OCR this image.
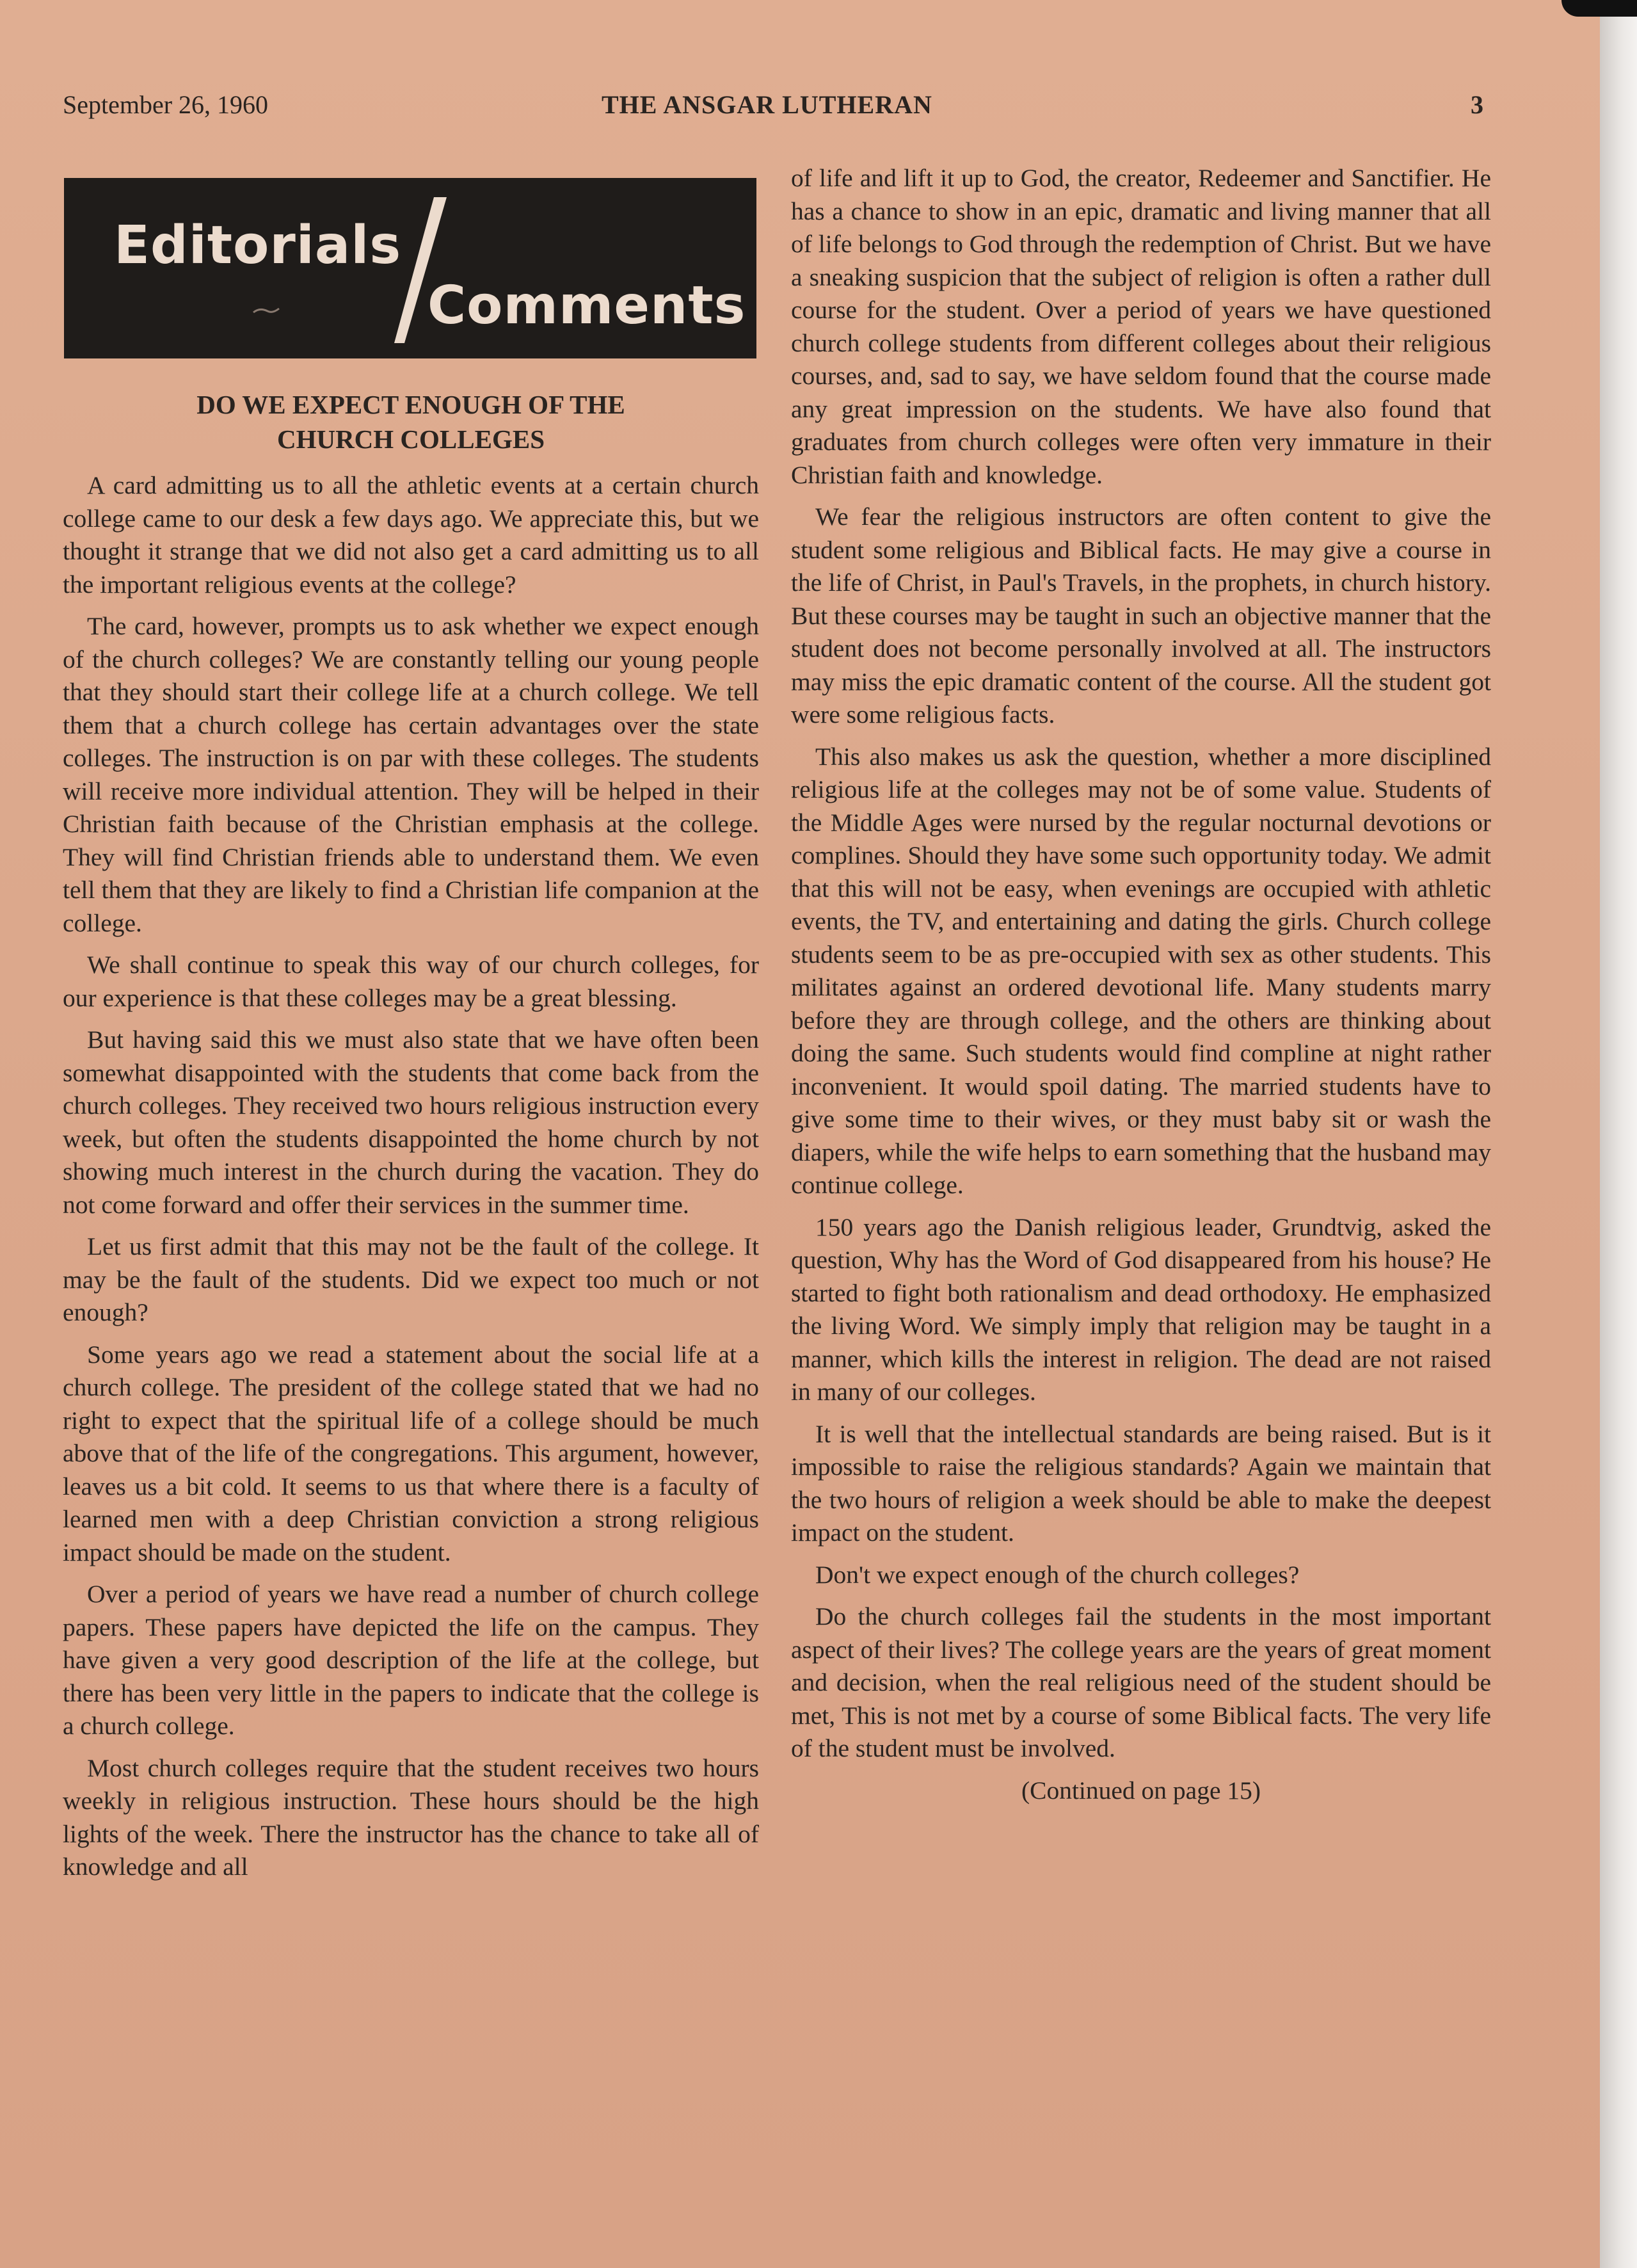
September 26, 1960	THE ANSGAR LUTHERAN	3
Editorials
Comments
DO WE EXPECT ENOUGH OF THE
CHURCH COLLEGES

A card admitting us to all the athletic events at a certain church college came to our desk a few days ago. We appreciate this, but we thought it strange that we did not also get a card admitting us to all the important religious events at the college?

The card, however, prompts us to ask whether we expect enough of the church colleges? We are constantly telling our young people that they should start their college life at a church college. We tell them that a church college has certain advantages over the state colleges. The instruction is on par with these colleges. The students will receive more individual attention. They will be helped in their Christian faith because of the Christian emphasis at the college. They will find Christian friends able to understand them. We even tell them that they are likely to find a Christian life companion at the college.

We shall continue to speak this way of our church colleges, for our experience is that these colleges may be a great blessing.

But having said this we must also state that we have often been somewhat disappointed with the students that come back from the church colleges. They received two hours religious instruction every week, but often the students disappointed the home church by not showing much interest in the church during the vacation. They do not come forward and offer their services in the summer time.

Let us first admit that this may not be the fault of the college. It may be the fault of the students. Did we expect too much or not enough?

Some years ago we read a statement about the social life at a church college. The president of the college stated that we had no right to expect that the spiritual life of a college should be much above that of the life of the congregations. This argument, however, leaves us a bit cold. It seems to us that where there is a faculty of learned men with a deep Christian conviction a strong religious impact should be made on the student.

Over a period of years we have read a number of church college papers. These papers have depicted the life on the campus. They have given a very good description of the life at the college, but there has been very little in the papers to indicate that the college is a church college.

Most church colleges require that the student receives two hours weekly in religious instruction. These hours should be the high lights of the week. There the instructor has the chance to take all of knowledge and all

of life and lift it up to God, the creator, Redeemer and Sanctifier. He has a chance to show in an epic, dramatic and living manner that all of life belongs to God through the redemption of Christ. But we have a sneaking suspicion that the subject of religion is often a rather dull course for the student. Over a period of years we have questioned church college students from different colleges about their religious courses, and, sad to say, we have seldom found that the course made any great impression on the students. We have also found that graduates from church colleges were often very immature in their Christian faith and knowledge.

We fear the religious instructors are often content to give the student some religious and Biblical facts. He may give a course in the life of Christ, in Paul's Travels, in the prophets, in church history. But these courses may be taught in such an objective manner that the student does not become personally involved at all. The instructors may miss the epic dramatic content of the course. All the student got were some religious facts.

This also makes us ask the question, whether a more disciplined religious life at the colleges may not be of some value. Students of the Middle Ages were nursed by the regular nocturnal devotions or complines. Should they have some such opportunity today. We admit that this will not be easy, when evenings are occupied with athletic events, the TV, and entertaining and dating the girls. Church college students seem to be as pre-occupied with sex as other students. This militates against an ordered devotional life. Many students marry before they are through college, and the others are thinking about doing the same. Such students would find compline at night rather inconvenient. It would spoil dating. The married students have to give some time to their wives, or they must baby sit or wash the diapers, while the wife helps to earn something that the husband may continue college.

150 years ago the Danish religious leader, Grundtvig, asked the question, Why has the Word of God disappeared from his house? He started to fight both rationalism and dead orthodoxy. He emphasized the living Word. We simply imply that religion may be taught in a manner, which kills the interest in religion. The dead are not raised in many of our colleges.

It is well that the intellectual standards are being raised. But is it impossible to raise the religious standards? Again we maintain that the two hours of religion a week should be able to make the deepest impact on the student.

Don't we expect enough of the church colleges?

Do the church colleges fail the students in the most important aspect of their lives? The college years are the years of great moment and decision, when the real religious need of the student should be met, This is not met by a course of some Biblical facts. The very life of the student must be involved.

(Continued on page 15)
